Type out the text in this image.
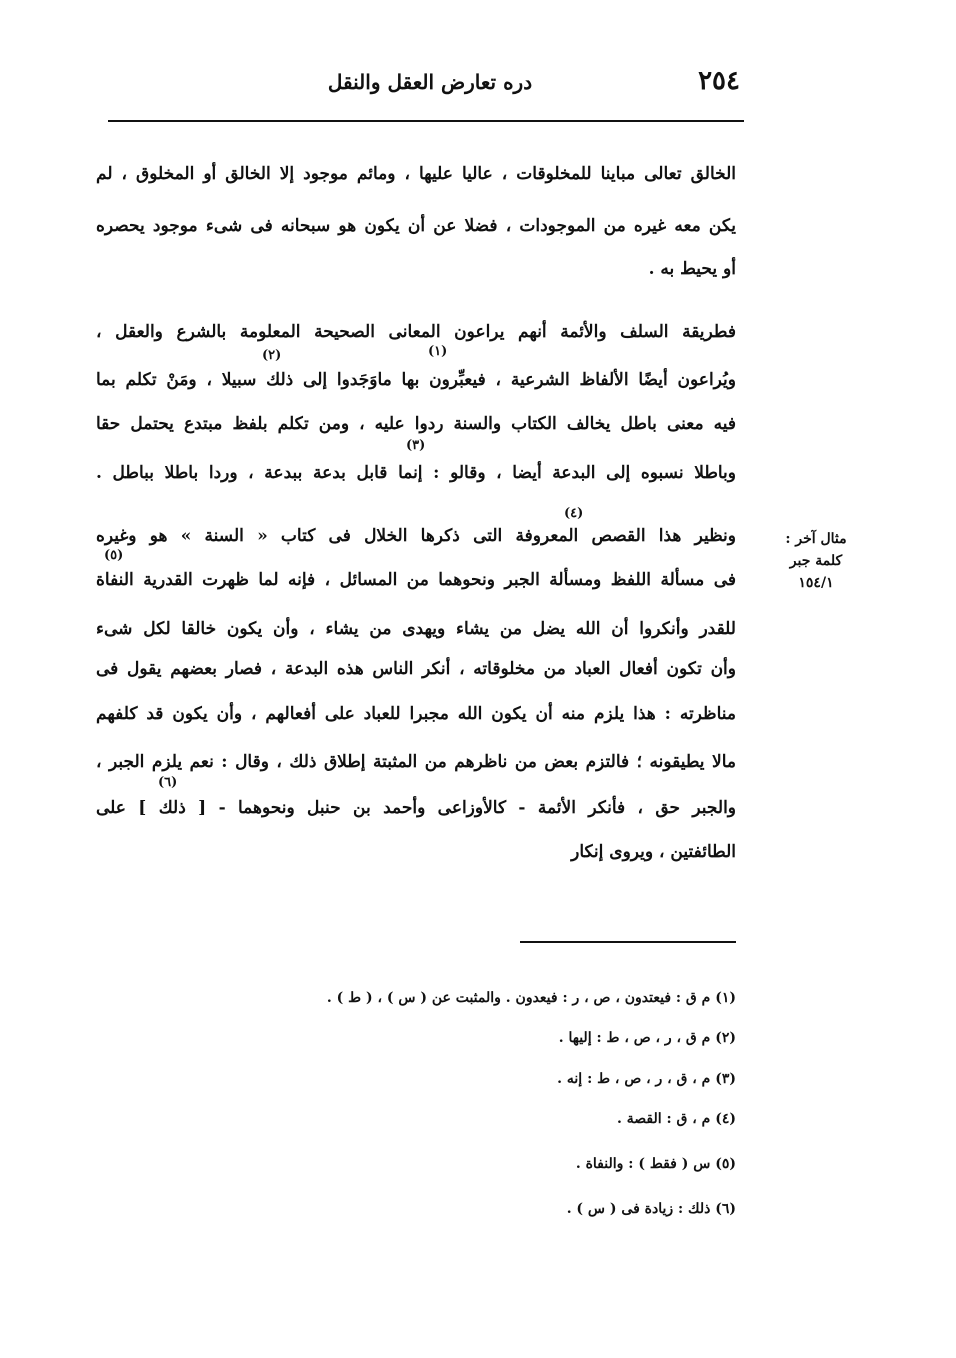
دره تعارض العقل والنقل	٢٥٤
الخالق تعالى مباينا للمخلوقات ، عاليا عليها ، ومائم موجود إلا الخالق أو المخلوق ، لم
يكن معه غيره من الموجودات ، فضلا عن أن يكون هو سبحانه فى شىء موجود يحصره
أو يحيط به .
فطريقة السلف والأئمة أنهم يراعون المعانى الصحيحة المعلومة بالشرع والعقل ،
ويُراعون أيضًا الألفاظ الشرعية ، فيعبِّرون بها ماوَجَدوا إلى ذلك سبيلا ، ومَنْ تكلم بما
فيه معنى باطل يخالف الكتاب والسنة ردوا عليه ، ومن تكلم بلفظ مبتدع يحتمل حقا
وباطلا نسبوه إلى البدعة أيضا ، وقالو : إنما قابل بدعة ببدعة ، وردا باطلا بباطل .
ونظير هذا القصص المعروفة التى ذكرها الخلال فى كتاب « السنة » هو وغيره
فى مسألة اللفظ ومسألة الجبر ونحوهما من المسائل ، فإنه لما ظهرت القدرية النفاة
للقدر وأنكروا أن الله يضل من يشاء ويهدى من يشاء ، وأن يكون خالقا لكل شىء
وأن تكون أفعال العباد من مخلوقاته ، أنكر الناس هذه البدعة ، فصار بعضهم يقول فى
مناظرته : هذا يلزم منه أن يكون الله مجبرا للعباد على أفعالهم ، وأن يكون قد كلفهم
مالا يطيقونه ؛ فالتزم بعض من ناظرهم من المثبتة إطلاق ذلك ، وقال : نعم يلزم الجبر ،
والجبر حق ، فأنكر الأئمة - كالأوزاعى وأحمد بن حنبل ونحوهما - [ ذلك ] على
الطائفتين ، ويروى إنكار
(١)
(٢)
(٣)
(٤)
(٥)
(٦)
مثال آخر :
كلمة جبر
١٥٤/١
(١) م ق : فيعتدون ، ص ، ر : فيعدون . والمثبت عن ( س ) ، ( ط ) .
(٢) م ق ، ر ، ص ، ط : إليها .
(٣) م ، ق ، ر ، ص ، ط : إنه .
(٤) م ، ق : القصة .
(٥) س ( فقط ) : والنفاة .
(٦) ذلك : زيادة فى ( س ) .
